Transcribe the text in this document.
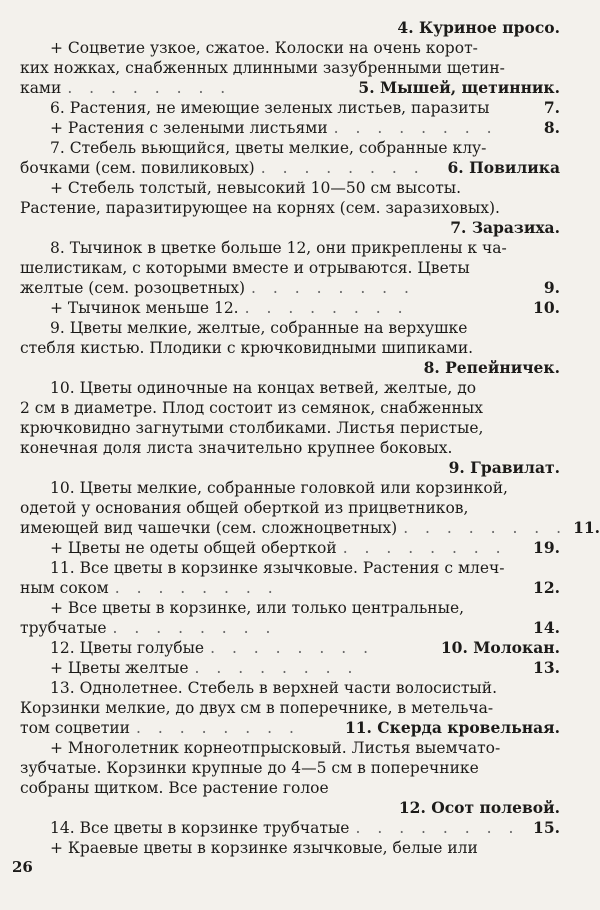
4. Куриное просо.
+ Соцветие узкое, сжатое. Колоски на очень корот-
ких ножках, снабженных длинными зазубренными щетин-
ками . . . . . . . .	5. Мышей, щетинник.
6. Растения, не имеющие зеленых листьев, паразиты	7.
+ Растения с зелеными листьями . . . . . . . .	8.
7. Стебель вьющийся, цветы мелкие, собранные клу-
бочками (сем. повиликовых) . . . . . . . .	6. Повилика
+ Стебель толстый, невысокий 10—50 см высоты.
Растение, паразитирующее на корнях (сем. заразиховых).
7. Заразиха.
8. Тычинок в цветке больше 12, они прикреплены к ча-
шелистикам, с которыми вместе и отрываются. Цветы
желтые (сем. розоцветных) . . . . . . . .	9.
+ Тычинок меньше 12. . . . . . . . .	10.
9. Цветы мелкие, желтые, собранные на верхушке
стебля кистью. Плодики с крючковидными шипиками.
8. Репейничек.
10. Цветы одиночные на концах ветвей, желтые, до
2 см в диаметре. Плод состоит из семянок, снабженных
крючковидно загнутыми столбиками. Листья перистые,
конечная доля листа значительно крупнее боковых.
9. Гравилат.
10. Цветы мелкие, собранные головкой или корзинкой,
одетой у основания общей оберткой из прицветников,
имеющей вид чашечки (сем. сложноцветных) . . . . . . . . 11.
+ Цветы не одеты общей оберткой . . . . . . . .	19.
11. Все цветы в корзинке язычковые. Растения с млеч-
ным соком . . . . . . . .	12.
+ Все цветы в корзинке, или только центральные,
трубчатые . . . . . . . .	14.
12. Цветы голубые . . . . . . . .	10. Молокан.
+ Цветы желтые . . . . . . . .	13.
13. Однолетнее. Стебель в верхней части волосистый.
Корзинки мелкие, до двух см в поперечнике, в метельча-
том соцветии . . . . . . . .	11. Скерда кровельная.
+ Многолетник корнеотпрысковый. Листья выемчато-
зубчатые. Корзинки крупные до 4—5 см в поперечнике
собраны щитком. Все растение голое
12. Осот полевой.
14. Все цветы в корзинке трубчатые . . . . . . . . 15.
+ Краевые цветы в корзинке язычковые, белые или
26
